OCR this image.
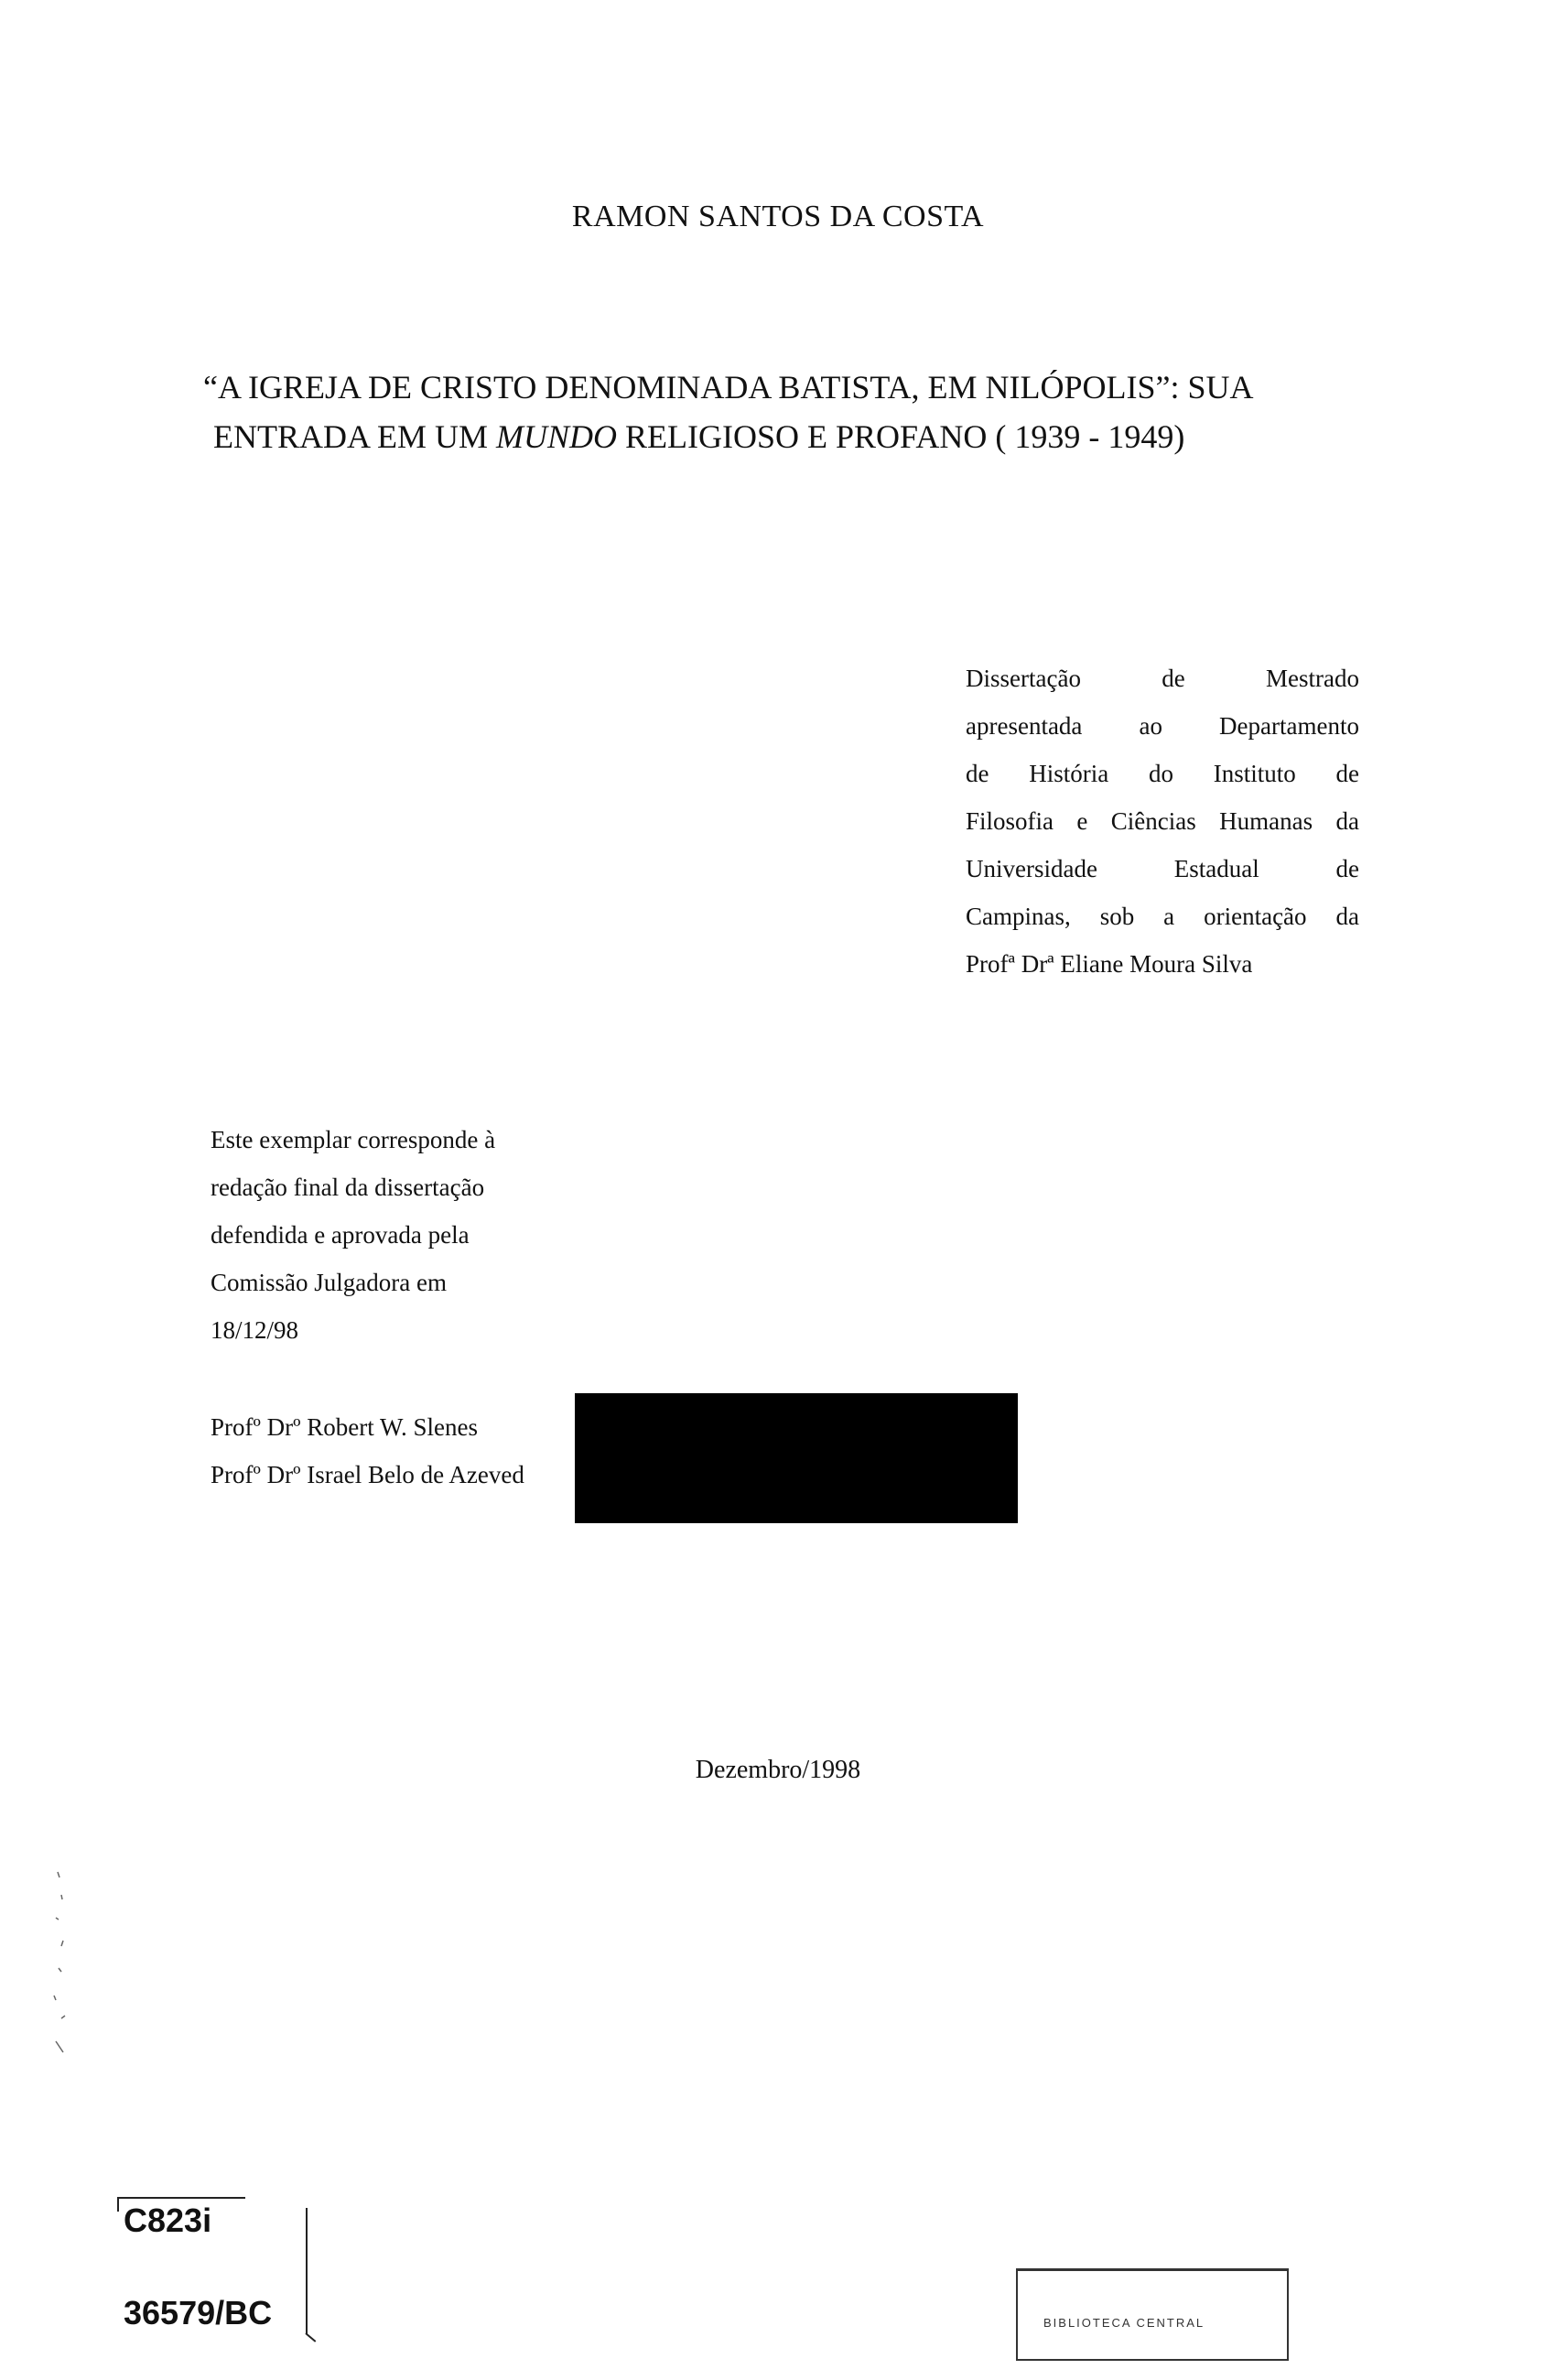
RAMON SANTOS DA COSTA
“A IGREJA DE CRISTO DENOMINADA BATISTA, EM NILÓPOLIS”: SUA
ENTRADA EM UM MUNDO RELIGIOSO E PROFANO ( 1939 - 1949)
Dissertação de Mestrado
apresentada ao Departamento
de História do Instituto de
Filosofia e Ciências Humanas da
Universidade Estadual de
Campinas, sob a orientação da
Profª Drª Eliane Moura Silva
Este exemplar corresponde à
redação final da dissertação
defendida e aprovada pela
Comissão Julgadora em
18/12/98
Profº Drº Robert W. Slenes
Profº Drº Israel Belo de Azeved
Dezembro/1998
C823i
36579/BC	BIBLIOTECA CENTRAL
